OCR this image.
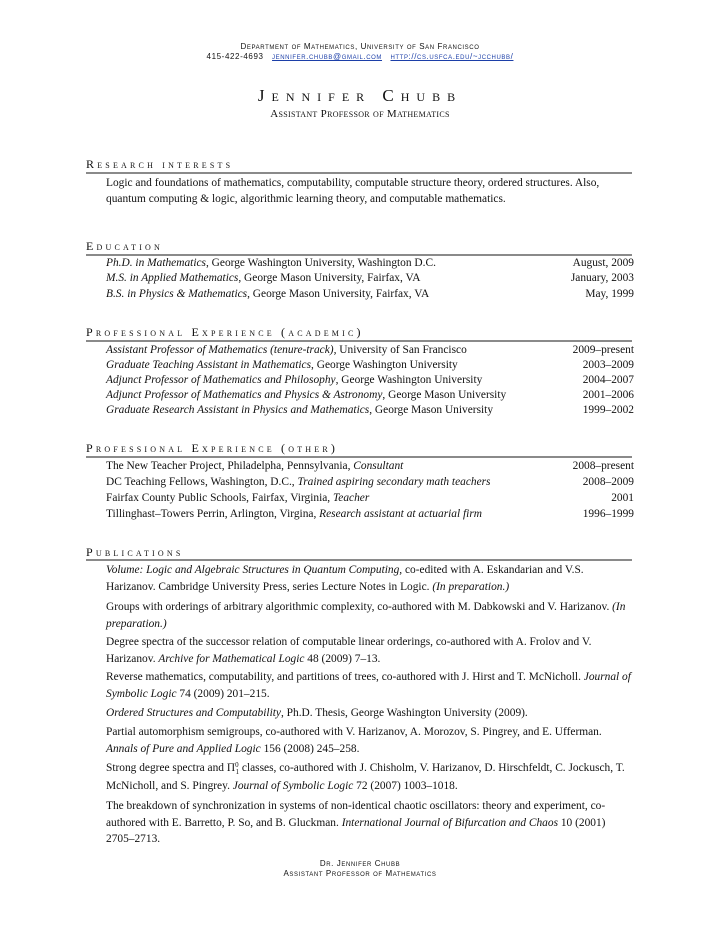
Department of Mathematics, University of San Francisco
415-422-4693 jennifer.chubb@gmail.com http://cs.usfca.edu/~jcchubb/
Jennifer Chubb
Assistant Professor of Mathematics
Research interests
Logic and foundations of mathematics, computability, computable structure theory, ordered structures. Also, quantum computing & logic, algorithmic learning theory, and computable mathematics.
Education
Ph.D. in Mathematics, George Washington University, Washington D.C.	August, 2009
M.S. in Applied Mathematics, George Mason University, Fairfax, VA	January, 2003
B.S. in Physics & Mathematics, George Mason University, Fairfax, VA	May, 1999
Professional Experience (academic)
Assistant Professor of Mathematics (tenure-track), University of San Francisco	2009–present
Graduate Teaching Assistant in Mathematics, George Washington University	2003–2009
Adjunct Professor of Mathematics and Philosophy, George Washington University	2004–2007
Adjunct Professor of Mathematics and Physics & Astronomy, George Mason University	2001–2006
Graduate Research Assistant in Physics and Mathematics, George Mason University	1999–2002
Professional Experience (other)
The New Teacher Project, Philadelpha, Pennsylvania, Consultant	2008–present
DC Teaching Fellows, Washington, D.C., Trained aspiring secondary math teachers	2008–2009
Fairfax County Public Schools, Fairfax, Virginia, Teacher	2001
Tillinghast–Towers Perrin, Arlington, Virgina, Research assistant at actuarial firm	1996–1999
Publications
Volume: Logic and Algebraic Structures in Quantum Computing, co-edited with A. Eskandarian and V.S. Harizanov. Cambridge University Press, series Lecture Notes in Logic. (In preparation.)
Groups with orderings of arbitrary algorithmic complexity, co-authored with M. Dabkowski and V. Harizanov. (In preparation.)
Degree spectra of the successor relation of computable linear orderings, co-authored with A. Frolov and V. Harizanov. Archive for Mathematical Logic 48 (2009) 7–13.
Reverse mathematics, computability, and partitions of trees, co-authored with J. Hirst and T. McNicholl. Journal of Symbolic Logic 74 (2009) 201–215.
Ordered Structures and Computability, Ph.D. Thesis, George Washington University (2009).
Partial automorphism semigroups, co-authored with V. Harizanov, A. Morozov, S. Pingrey, and E. Ufferman. Annals of Pure and Applied Logic 156 (2008) 245–258.
Strong degree spectra and $\Pi^0_1$ classes, co-authored with J. Chisholm, V. Harizanov, D. Hirschfeldt, C. Jockusch, T. McNicholl, and S. Pingrey. Journal of Symbolic Logic 72 (2007) 1003–1018.
The breakdown of synchronization in systems of non-identical chaotic oscillators: theory and experiment, co-authored with E. Barretto, P. So, and B. Gluckman. International Journal of Bifurcation and Chaos 10 (2001) 2705–2713.
Dr. Jennifer Chubb
Assistant Professor of Mathematics
